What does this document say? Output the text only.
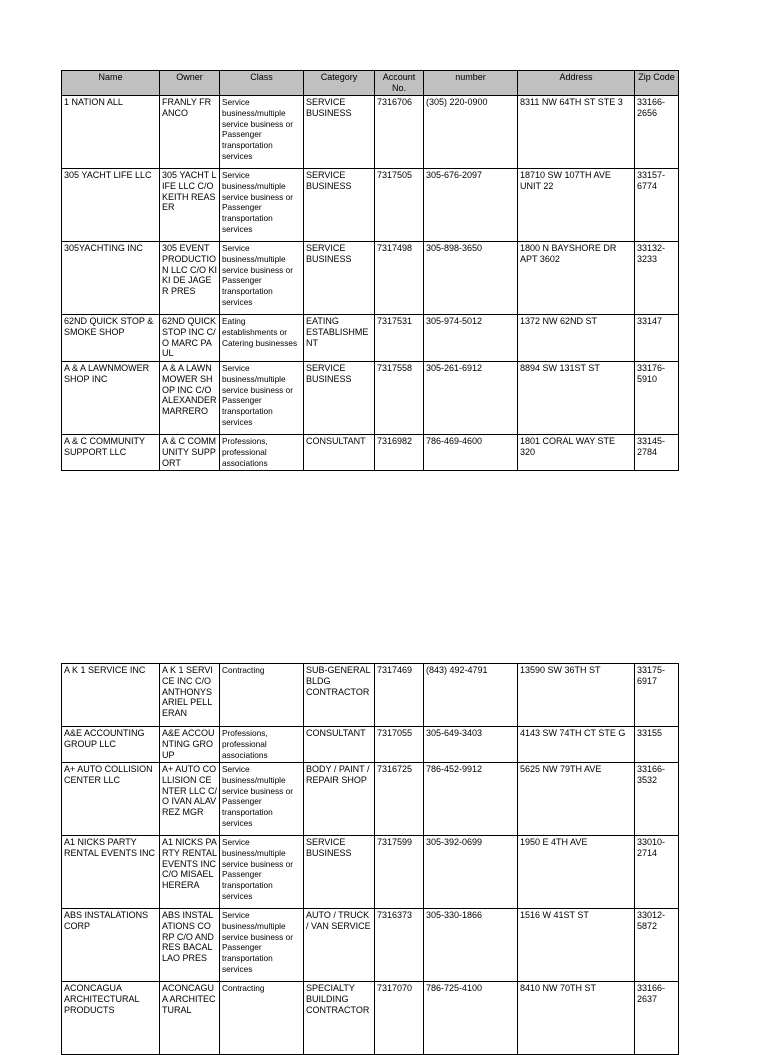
Name	Owner	Class	Category	Account No.	number	Address	Zip Code

1 NATION ALL	FRANLY FRANCO	Service business/multiple service business or Passenger transportation services	SERVICE BUSINESS	7316706	(305) 220-0900	8311 NW 64TH ST STE 3	33166-2656

305 YACHT LIFE LLC	305 YACHT LIFE LLC C/O KEITH REASER	Service business/multiple service business or Passenger transportation services	SERVICE BUSINESS	7317505	305-676-2097	18710 SW 107TH AVE UNIT 22	33157-6774

305YACHTING INC	305 EVENT PRODUCTION LLC C/O KIKI DE JAGER PRES	Service business/multiple service business or Passenger transportation services	SERVICE BUSINESS	7317498	305-898-3650	1800 N BAYSHORE DR APT 3602	33132-3233

62ND QUICK STOP & SMOKE SHOP	62ND QUICK STOP INC C/O MARC PAUL	Eating establishments or Catering businesses	EATING ESTABLISHMENT	7317531	305-974-5012	1372 NW 62ND ST	33147

A & A LAWNMOWER SHOP INC	A & A LAWNMOWER SHOP INC C/O ALEXANDER MARRERO	Service business/multiple service business or Passenger transportation services	SERVICE BUSINESS	7317558	305-261-6912	8894 SW 131ST ST	33176-5910

A & C COMMUNITY SUPPORT LLC	A & C COMMUNITY SUPPORT	Professions, professional associations	CONSULTANT	7316982	786-469-4600	1801 CORAL WAY STE 320	33145-2784
A K 1 SERVICE INC	A K 1 SERVICE INC C/O ANTHONYS ARIEL PELLERAN	Contracting	SUB-GENERAL BLDG CONTRACTOR	7317469	(843) 492-4791	13590 SW 36TH ST	33175-6917

A&E ACCOUNTING GROUP LLC	A&E ACCOUNTING GROUP	Professions, professional associations	CONSULTANT	7317055	305-649-3403	4143 SW 74TH CT STE G	33155

A+ AUTO COLLISION CENTER LLC	A+ AUTO COLLISION CENTER LLC C/O IVAN ALAVREZ MGR	Service business/multiple service business or Passenger transportation services	BODY / PAINT / REPAIR SHOP	7316725	786-452-9912	5625 NW 79TH AVE	33166-3532

A1 NICKS PARTY RENTAL EVENTS INC	A1 NICKS PARTY RENTAL EVENTS INC C/O MISAEL HERERA	Service business/multiple service business or Passenger transportation services	SERVICE BUSINESS	7317599	305-392-0699	1950 E 4TH AVE	33010-2714

ABS INSTALATIONS CORP	ABS INSTALATIONS CORP C/O ANDRES BACALLAO PRES	Service business/multiple service business or Passenger transportation services	AUTO / TRUCK / VAN SERVICE	7316373	305-330-1866	1516 W 41ST ST	33012-5872

ACONCAGUA ARCHITECTURAL PRODUCTS	ACONCAGUA ARCHITECTURAL	Contracting	SPECIALTY BUILDING CONTRACTOR	7317070	786-725-4100	8410 NW 70TH ST	33166-2637
